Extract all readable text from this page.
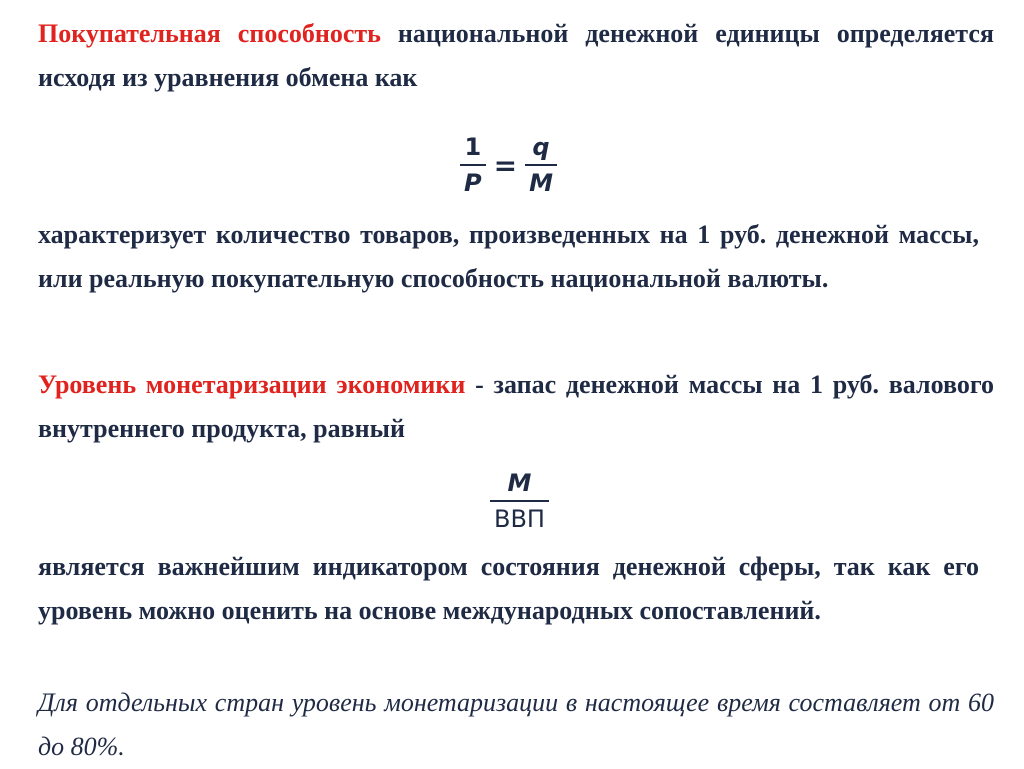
Покупательная способность национальной денежной единицы определяется исходя из уравнения обмена как

$\frac{1}{P} = \frac{q}{M}$

характеризует количество товаров, произведенных на 1 руб. денежной массы, или реальную покупательную способность национальной валюты.

Уровень монетаризации экономики - запас денежной массы на 1 руб. валового внутреннего продукта, равный

$\frac{M}{\text{ВВП}}$

является важнейшим индикатором состояния денежной сферы, так как его уровень можно оценить на основе международных сопоставлений.

Для отдельных стран уровень монетаризации в настоящее время составляет от 60 до 80%.
